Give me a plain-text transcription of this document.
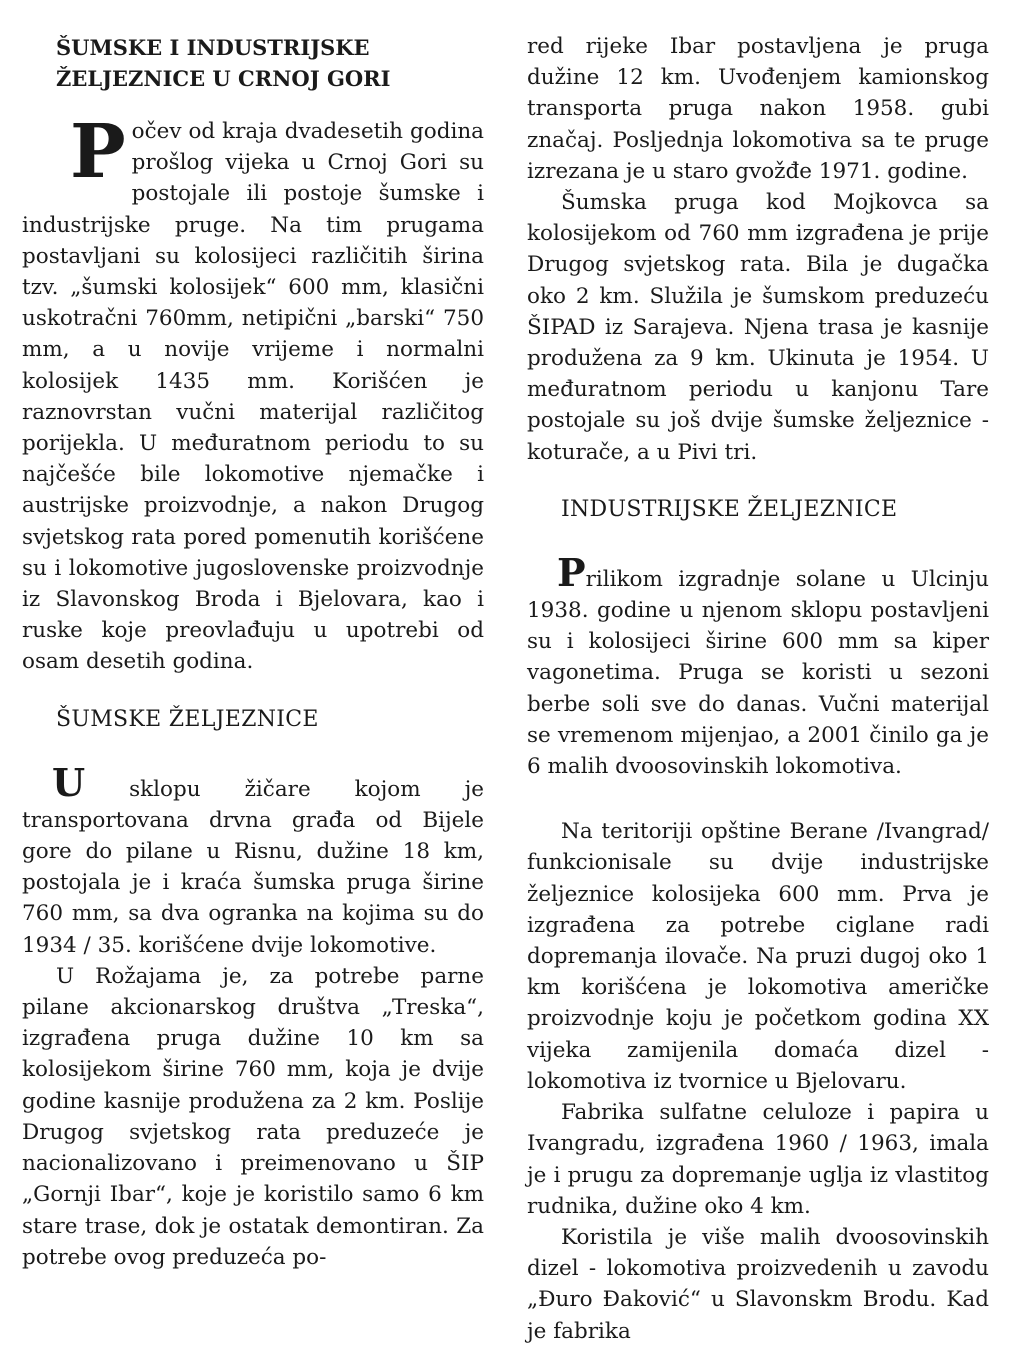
ŠUMSKE I INDUSTRIJSKE
ŽELJEZNICE U CRNOJ GORI

Počev od kraja dvadesetih godina prošlog vijeka u Crnoj Gori su postojale ili postoje šumske i industrijske pruge. Na tim prugama postavljani su kolosijeci različitih širina tzv. „šumski kolosijek“ 600 mm, klasični uskotračni 760mm, netipični „barski“ 750 mm, a u novije vrijeme i normalni kolosijek 1435 mm. Korišćen je raznovrstan vučni materijal različitog porijekla. U međuratnom periodu to su najčešće bile lokomotive njemačke i austrijske proizvodnje, a nakon Drugog svjetskog rata pored pomenutih korišćene su i lokomotive jugoslovenske proizvodnje iz Slavonskog Broda i Bjelovara, kao i ruske koje preovlađuju u upotrebi od osam desetih godina.

ŠUMSKE ŽELJEZNICE

U sklopu žičare kojom je transportovana drvna građa od Bijele gore do pilane u Risnu, dužine 18 km, postojala je i kraća šumska pruga širine 760 mm, sa dva ogranka na kojima su do 1934 / 35. korišćene dvije lokomotive.

U Rožajama je, za potrebe parne pilane akcionarskog društva „Treska“, izgrađena pruga dužine 10 km sa kolosijekom širine 760 mm, koja je dvije godine kasnije produžena za 2 km. Poslije Drugog svjetskog rata preduzeće je nacionalizovano i preimenovano u ŠIP „Gornji Ibar“, koje je koristilo samo 6 km stare trase, dok je ostatak demontiran. Za potrebe ovog preduzeća po-

red rijeke Ibar postavljena je pruga dužine 12 km. Uvođenjem kamionskog transporta pruga nakon 1958. gubi značaj. Posljednja lokomotiva sa te pruge izrezana je u staro gvožđe 1971. godine.

Šumska pruga kod Mojkovca sa kolosijekom od 760 mm izgrađena je prije Drugog svjetskog rata. Bila je dugačka oko 2 km. Služila je šumskom preduzeću ŠIPAD iz Sarajeva. Njena trasa je kasnije produžena za 9 km. Ukinuta je 1954. U međuratnom periodu u kanjonu Tare postojale su još dvije šumske željeznice - koturače, a u Pivi tri.

INDUSTRIJSKE ŽELJEZNICE

Prilikom izgradnje solane u Ulcinju 1938. godine u njenom sklopu postavljeni su i kolosijeci širine 600 mm sa kiper vagonetima. Pruga se koristi u sezoni berbe soli sve do danas. Vučni materijal se vremenom mijenjao, a 2001 činilo ga je 6 malih dvoosovinskih lokomotiva.

Na teritoriji opštine Berane /Ivangrad/ funkcionisale su dvije industrijske željeznice kolosijeka 600 mm. Prva je izgrađena za potrebe ciglane radi dopremanja ilovače. Na pruzi dugoj oko 1 km korišćena je lokomotiva američke proizvodnje koju je početkom godina XX vijeka zamijenila domaća dizel - lokomotiva iz tvornice u Bjelovaru.

Fabrika sulfatne celuloze i papira u Ivangradu, izgrađena 1960 / 1963, imala je i prugu za dopremanje uglja iz vlastitog rudnika, dužine oko 4 km.

Koristila je više malih dvoosovinskih dizel - lokomotiva proizvedenih u zavodu „Đuro Đaković“ u Slavonskm Brodu. Kad je fabrika
